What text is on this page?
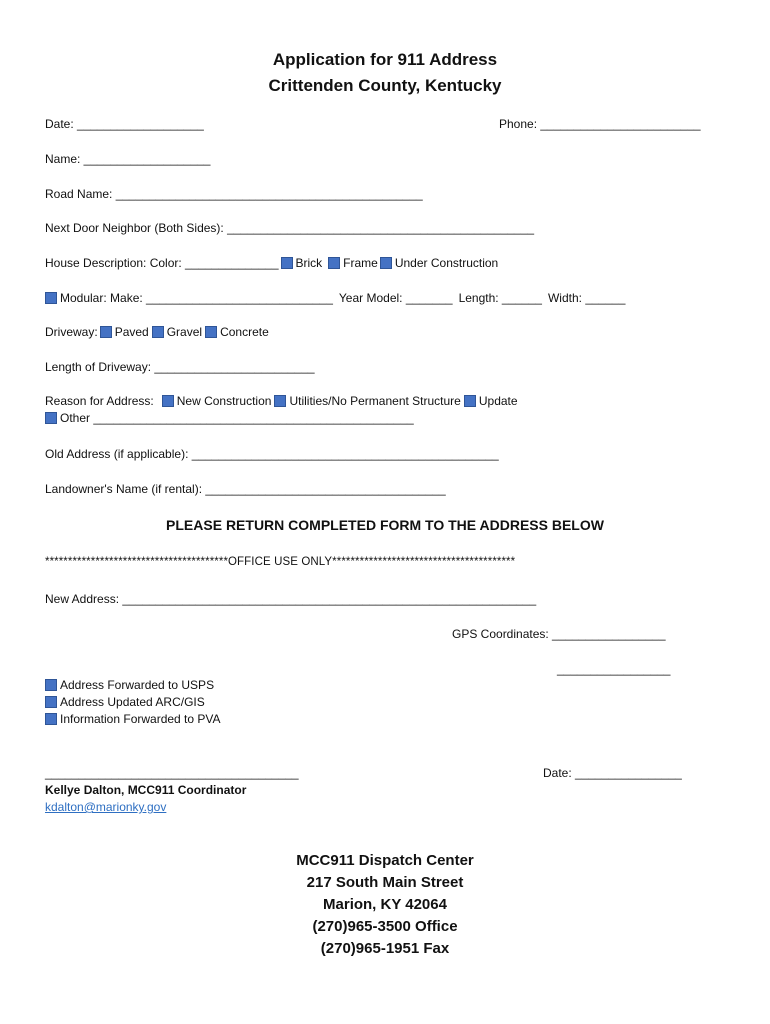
Application for 911 Address
Crittenden County, Kentucky
Date: ___________________	Phone: ________________________
Name: ___________________
Road Name: ______________________________________________
Next Door Neighbor (Both Sides): ______________________________________________
House Description: Color: ______________ Brick Frame Under Construction
Modular: Make: ____________________________ Year Model: _______ Length: ______ Width: ______
Driveway: Paved Gravel Concrete
Length of Driveway: ________________________
Reason for Address: New Construction Utilities/No Permanent Structure Update
Other ________________________________________________
Old Address (if applicable): ______________________________________________
Landowner's Name (if rental): ____________________________________
PLEASE RETURN COMPLETED FORM TO THE ADDRESS BELOW
****************************************OFFICE USE ONLY****************************************
New Address: ______________________________________________________________
GPS Coordinates: _________________
_________________
Address Forwarded to USPS
Address Updated ARC/GIS
Information Forwarded to PVA
______________________________________	Date: ________________
Kellye Dalton, MCC911 Coordinator
kdalton@marionky.gov
MCC911 Dispatch Center
217 South Main Street
Marion, KY 42064
(270)965-3500 Office
(270)965-1951 Fax
